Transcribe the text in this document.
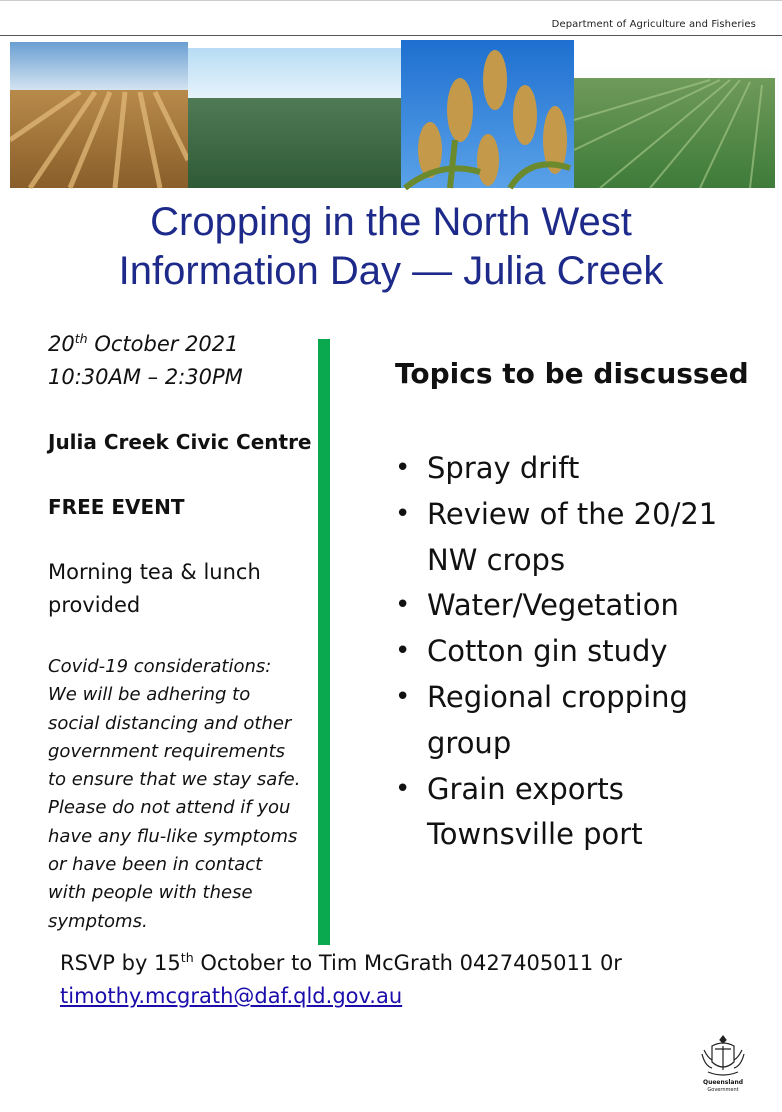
Department of Agriculture and Fisheries
Cropping in the North West
Information Day — Julia Creek
20th October 2021
10:30AM – 2:30PM
Julia Creek Civic Centre
FREE EVENT
Morning tea & lunch
provided
Covid-19 considerations:
We will be adhering to
social distancing and other
government requirements
to ensure that we stay safe.
Please do not attend if you
have any flu-like symptoms
or have been in contact
with people with these
symptoms.
Topics to be discussed
• Spray drift
• Review of the 20/21
NW crops
• Water/Vegetation
• Cotton gin study
• Regional cropping
group
• Grain exports
Townsville port
RSVP by 15th October to Tim McGrath 0427405011 0r
timothy.mcgrath@daf.qld.gov.au
Queensland
Government
